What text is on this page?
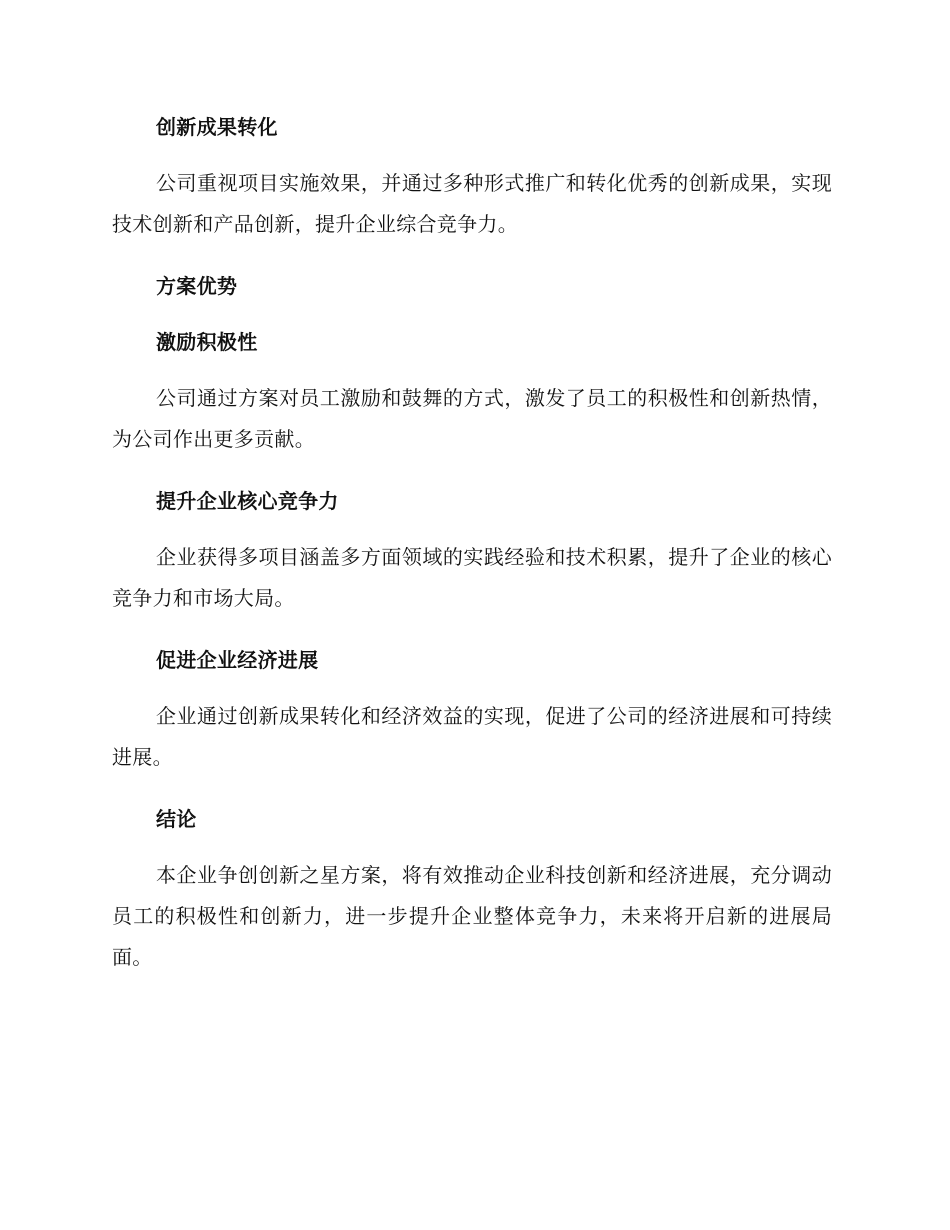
创新成果转化

公司重视项目实施效果，并通过多种形式推广和转化优秀的创新成果，实现技术创新和产品创新，提升企业综合竞争力。

方案优势
激励积极性

公司通过方案对员工激励和鼓舞的方式，激发了员工的积极性和创新热情，为公司作出更多贡献。

提升企业核心竞争力

企业获得多项目涵盖多方面领域的实践经验和技术积累，提升了企业的核心竞争力和市场大局。

促进企业经济进展

企业通过创新成果转化和经济效益的实现，促进了公司的经济进展和可持续进展。

结论

本企业争创创新之星方案，将有效推动企业科技创新和经济进展，充分调动员工的积极性和创新力，进一步提升企业整体竞争力，未来将开启新的进展局面。
